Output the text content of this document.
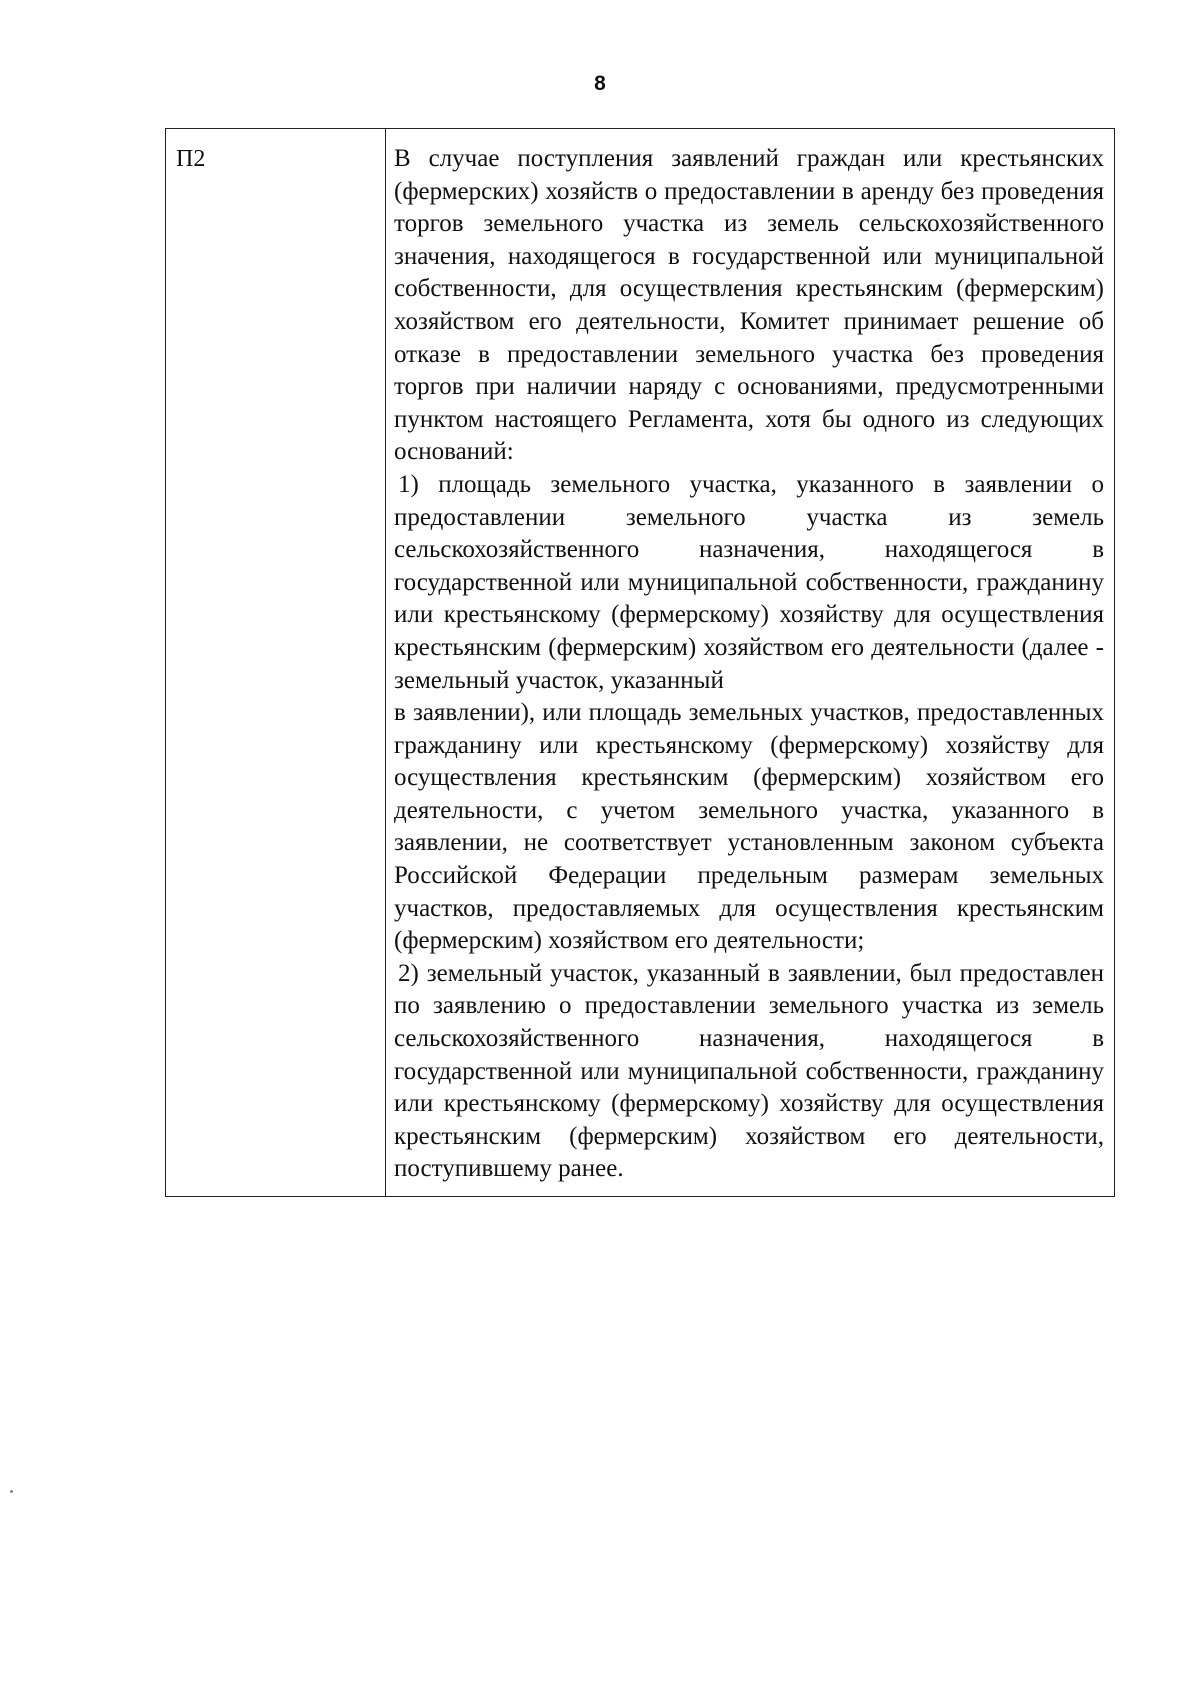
8
П2	В случае поступления заявлений граждан или крестьянских (фермерских) хозяйств о предоставлении в аренду без проведения торгов земельного участка из земель сельскохозяйственного значения, находящегося в государственной или муниципальной собственности, для осуществления крестьянским (фермерским) хозяйством его деятельности, Комитет принимает решение об отказе в предоставлении земельного участка без проведения торгов при наличии наряду с основаниями, предусмотренными пунктом настоящего Регламента, хотя бы одного из следующих оснований:

1) площадь земельного участка, указанного в заявлении о предоставлении земельного участка из земель сельскохозяйственного назначения, находящегося в государственной или муниципальной собственности, гражданину или крестьянскому (фермерскому) хозяйству для осуществления крестьянским (фермерским) хозяйством его деятельности (далее - земельный участок, указанный

в заявлении), или площадь земельных участков, предоставленных гражданину или крестьянскому (фермерскому) хозяйству для осуществления крестьянским (фермерским) хозяйством его деятельности, с учетом земельного участка, указанного в заявлении, не соответствует установленным законом субъекта Российской Федерации предельным размерам земельных участков, предоставляемых для осуществления крестьянским (фермерским) хозяйством его деятельности;

2) земельный участок, указанный в заявлении, был предоставлен по заявлению о предоставлении земельного участка из земель сельскохозяйственного назначения, находящегося в государственной или муниципальной собственности, гражданину или крестьянскому (фермерскому) хозяйству для осуществления крестьянским (фермерским) хозяйством его деятельности, поступившему ранее.
